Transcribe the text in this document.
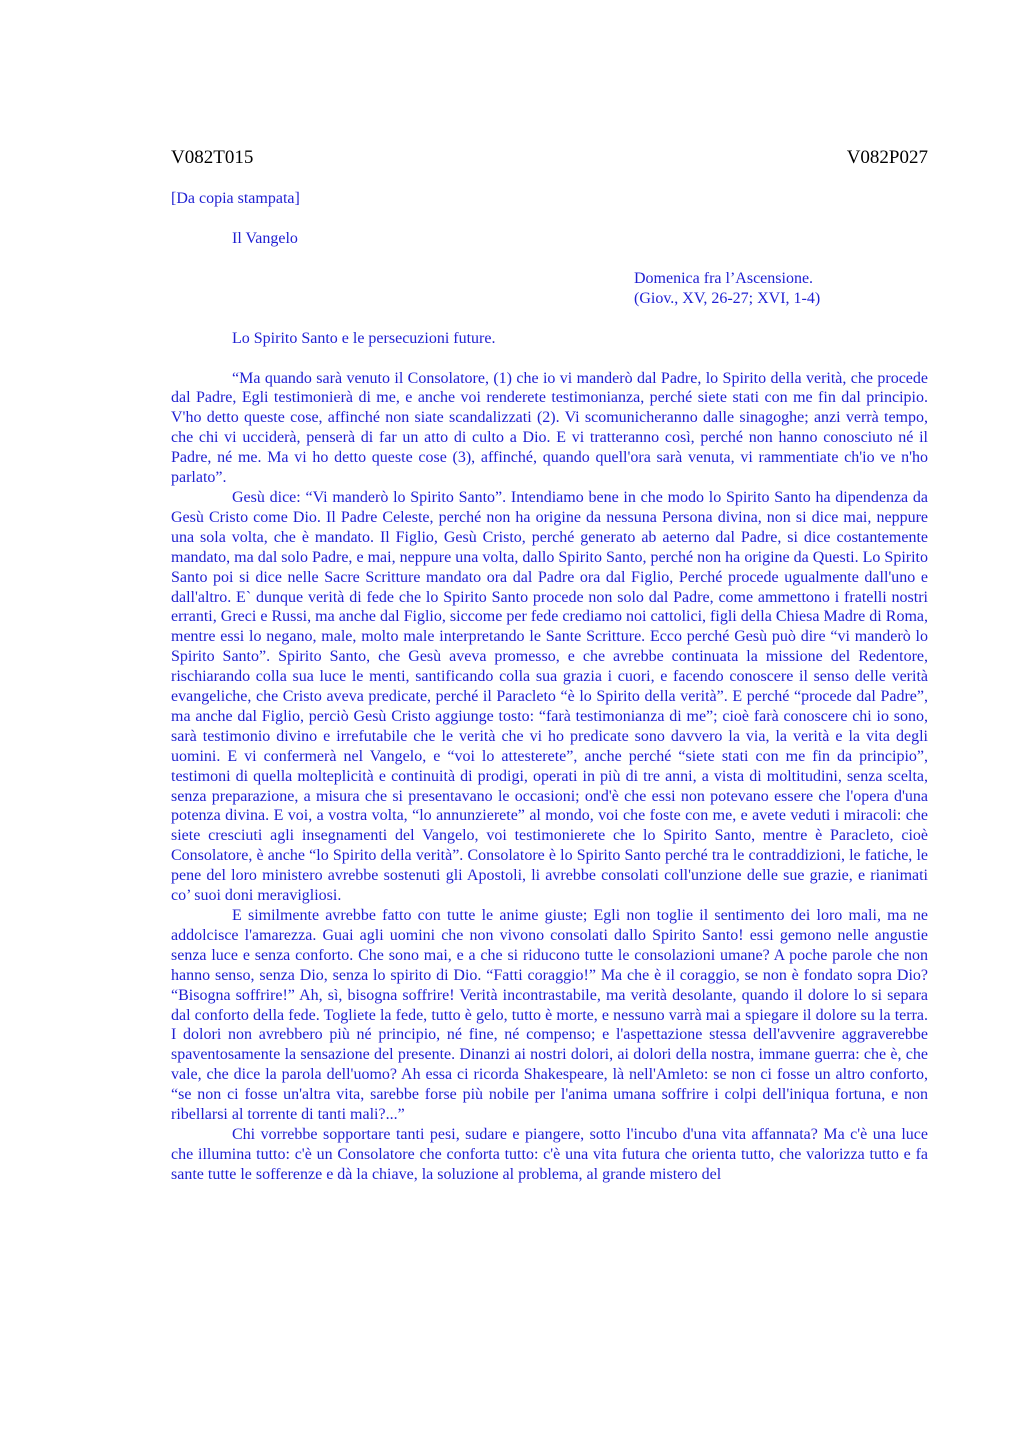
V082T015	V082P027
[Da copia stampata]
Il Vangelo
Domenica fra l’Ascensione.
(Giov., XV, 26-27; XVI, 1-4)
Lo Spirito Santo e le persecuzioni future.

“Ma quando sarà venuto il Consolatore, (1) che io vi manderò dal Padre, lo Spirito della verità, che procede dal Padre, Egli testimonierà di me, e anche voi renderete testimonianza, perché siete stati con me fin dal principio. V'ho detto queste cose, affinché non siate scandalizzati (2). Vi scomunicheranno dalle sinagoghe; anzi verrà tempo, che chi vi ucciderà, penserà di far un atto di culto a Dio. E vi tratteranno così, perché non hanno conosciuto né il Padre, né me. Ma vi ho detto queste cose (3), affinché, quando quell'ora sarà venuta, vi rammentiate ch'io ve n'ho parlato”.

Gesù dice: “Vi manderò lo Spirito Santo”. Intendiamo bene in che modo lo Spirito Santo ha dipendenza da Gesù Cristo come Dio. Il Padre Celeste, perché non ha origine da nessuna Persona divina, non si dice mai, neppure una sola volta, che è mandato. Il Figlio, Gesù Cristo, perché generato ab aeterno dal Padre, si dice costantemente mandato, ma dal solo Padre, e mai, neppure una volta, dallo Spirito Santo, perché non ha origine da Questi. Lo Spirito Santo poi si dice nelle Sacre Scritture mandato ora dal Padre ora dal Figlio, Perché procede ugualmente dall'uno e dall'altro. E` dunque verità di fede che lo Spirito Santo procede non solo dal Padre, come ammettono i fratelli nostri erranti, Greci e Russi, ma anche dal Figlio, siccome per fede crediamo noi cattolici, figli della Chiesa Madre di Roma, mentre essi lo negano, male, molto male interpretando le Sante Scritture. Ecco perché Gesù può dire “vi manderò lo Spirito Santo”. Spirito Santo, che Gesù aveva promesso, e che avrebbe continuata la missione del Redentore, rischiarando colla sua luce le menti, santificando colla sua grazia i cuori, e facendo conoscere il senso delle verità evangeliche, che Cristo aveva predicate, perché il Paracleto “è lo Spirito della verità”. E perché “procede dal Padre”, ma anche dal Figlio, perciò Gesù Cristo aggiunge tosto: “farà testimonianza di me”; cioè farà conoscere chi io sono, sarà testimonio divino e irrefutabile che le verità che vi ho predicate sono davvero la via, la verità e la vita degli uomini. E vi confermerà nel Vangelo, e “voi lo attesterete”, anche perché “siete stati con me fin da principio”, testimoni di quella molteplicità e continuità di prodigi, operati in più di tre anni, a vista di moltitudini, senza scelta, senza preparazione, a misura che si presentavano le occasioni; ond'è che essi non potevano essere che l'opera d'una potenza divina. E voi, a vostra volta, “lo annunzierete” al mondo, voi che foste con me, e avete veduti i miracoli: che siete cresciuti agli insegnamenti del Vangelo, voi testimonierete che lo Spirito Santo, mentre è Paracleto, cioè Consolatore, è anche “lo Spirito della verità”. Consolatore è lo Spirito Santo perché tra le contraddizioni, le fatiche, le pene del loro ministero avrebbe sostenuti gli Apostoli, li avrebbe consolati coll'unzione delle sue grazie, e rianimati co’ suoi doni meravigliosi.

E similmente avrebbe fatto con tutte le anime giuste; Egli non toglie il sentimento dei loro mali, ma ne addolcisce l'amarezza. Guai agli uomini che non vivono consolati dallo Spirito Santo! essi gemono nelle angustie senza luce e senza conforto. Che sono mai, e a che si riducono tutte le consolazioni umane? A poche parole che non hanno senso, senza Dio, senza lo spirito di Dio. “Fatti coraggio!” Ma che è il coraggio, se non è fondato sopra Dio? “Bisogna soffrire!” Ah, sì, bisogna soffrire! Verità incontrastabile, ma verità desolante, quando il dolore lo si separa dal conforto della fede. Togliete la fede, tutto è gelo, tutto è morte, e nessuno varrà mai a spiegare il dolore su la terra. I dolori non avrebbero più né principio, né fine, né compenso; e l'aspettazione stessa dell'avvenire aggraverebbe spaventosamente la sensazione del presente. Dinanzi ai nostri dolori, ai dolori della nostra, immane guerra: che è, che vale, che dice la parola dell'uomo? Ah essa ci ricorda Shakespeare, là nell'Amleto: se non ci fosse un altro conforto, “se non ci fosse un'altra vita, sarebbe forse più nobile per l'anima umana soffrire i colpi dell'iniqua fortuna, e non ribellarsi al torrente di tanti mali?...”

Chi vorrebbe sopportare tanti pesi, sudare e piangere, sotto l'incubo d'una vita affannata? Ma c'è una luce che illumina tutto: c'è un Consolatore che conforta tutto: c'è una vita futura che orienta tutto, che valorizza tutto e fa sante tutte le sofferenze e dà la chiave, la soluzione al problema, al grande mistero del
